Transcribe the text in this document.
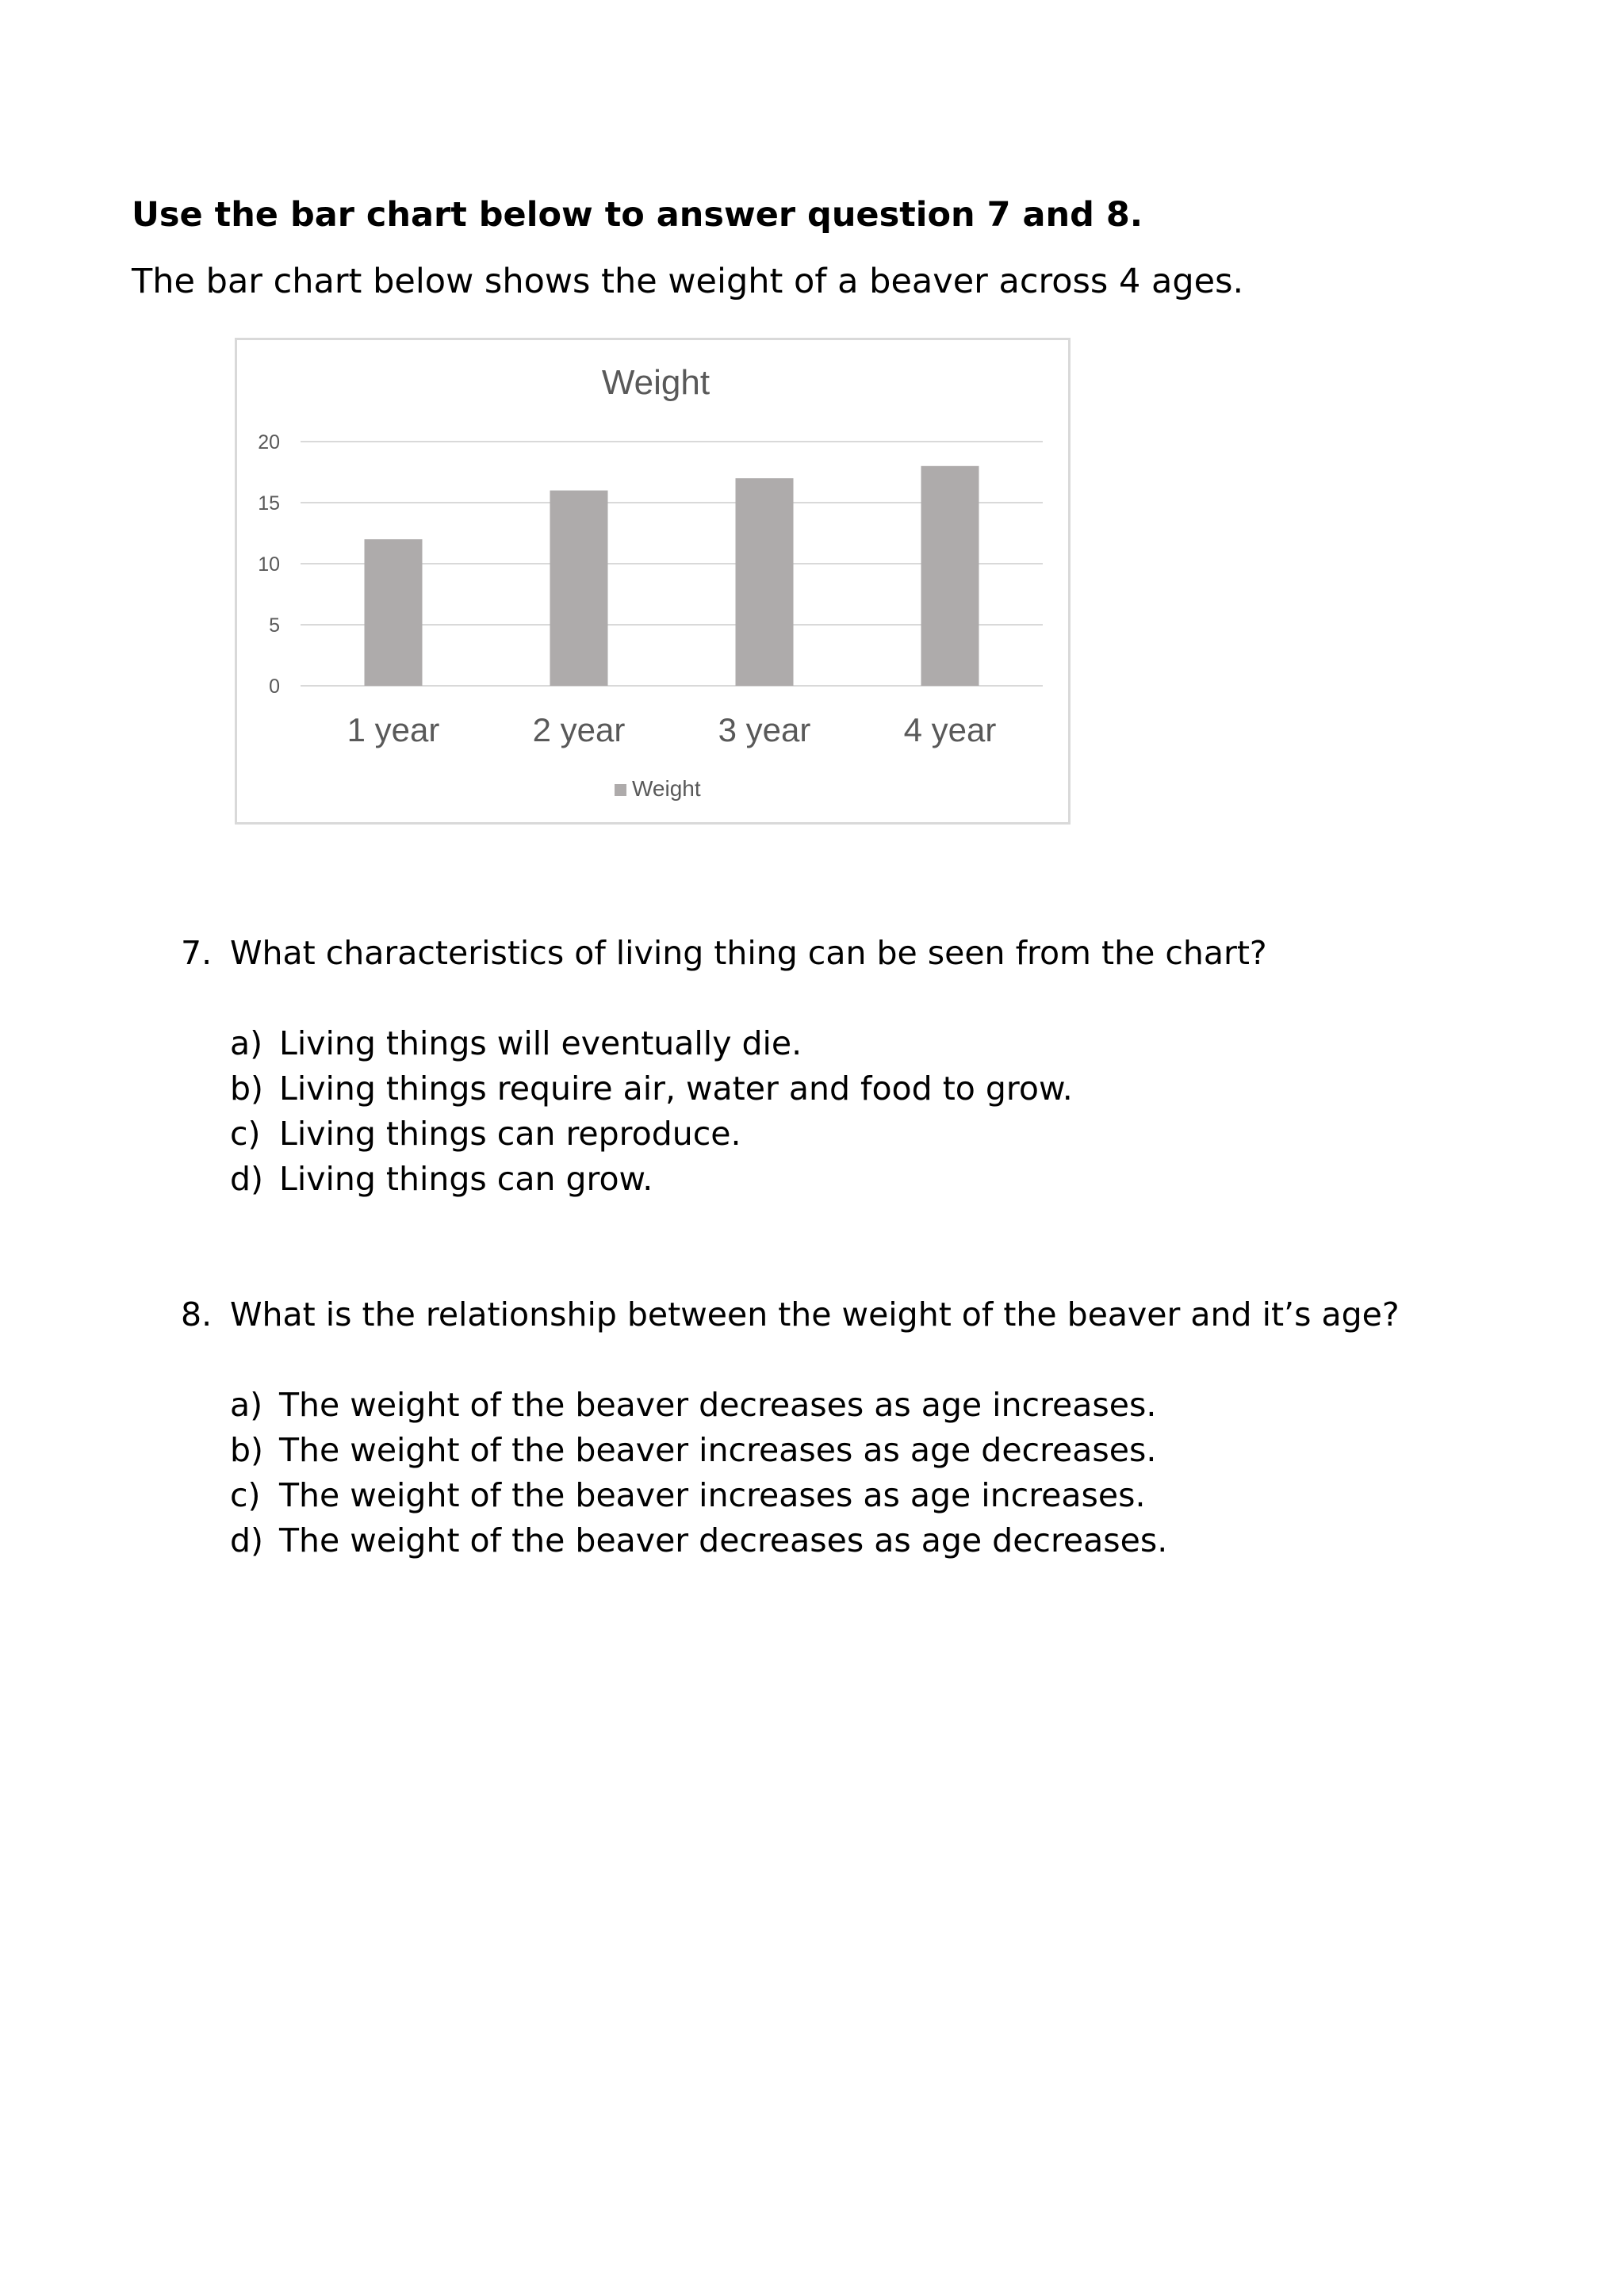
Use the bar chart below to answer question 7 and 8.
The bar chart below shows the weight of a beaver across 4 ages.
0
5
10
15
20
1 year	2 year	3 year	4 year
Weight
Weight
7. What characteristics of living thing can be seen from the chart?
a) Living things will eventually die.
b) Living things require air, water and food to grow.
c) Living things can reproduce.
d) Living things can grow.
8. What is the relationship between the weight of the beaver and it’s age?
a) The weight of the beaver decreases as age increases.
b) The weight of the beaver increases as age decreases.
c) The weight of the beaver increases as age increases.
d) The weight of the beaver decreases as age decreases.
